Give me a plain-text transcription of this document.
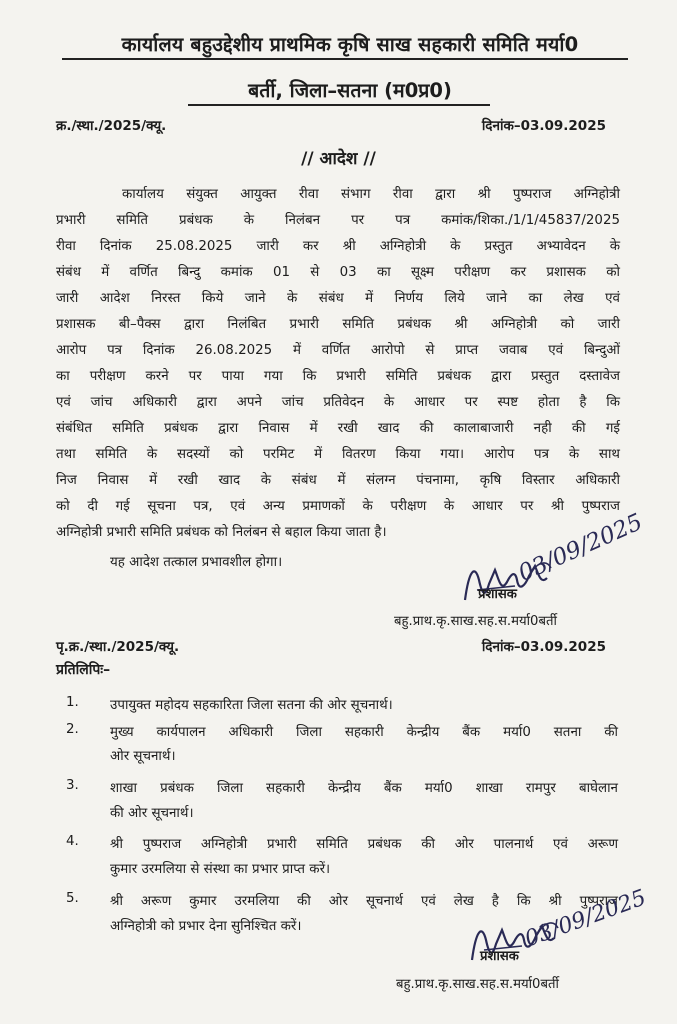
कार्यालय बहुउद्देशीय प्राथमिक कृषि साख सहकारी समिति मर्या0
बर्ती, जिला–सतना (म0प्र0)
क्र./स्था./2025/क्यू.	दिनांक–03.09.2025
// आदेश //
कार्यालय संयुक्त आयुक्त रीवा संभाग रीवा द्वारा श्री पुष्पराज अग्निहोत्री
प्रभारी समिति प्रबंधक के निलंबन पर पत्र कमांक/शिका./1/1/45837/2025
रीवा दिनांक 25.08.2025 जारी कर श्री अग्निहोत्री के प्रस्तुत अभ्यावेदन के
संबंध में वर्णित बिन्दु कमांक 01 से 03 का सूक्ष्म परीक्षण कर प्रशासक को
जारी आदेश निरस्त किये जाने के संबंध में निर्णय लिये जाने का लेख एवं
प्रशासक बी–पैक्स द्वारा निलंबित प्रभारी समिति प्रबंधक श्री अग्निहोत्री को जारी
आरोप पत्र दिनांक 26.08.2025 में वर्णित आरोपो से प्राप्त जवाब एवं बिन्दुओं
का परीक्षण करने पर पाया गया कि प्रभारी समिति प्रबंधक द्वारा प्रस्तुत दस्तावेज
एवं जांच अधिकारी द्वारा अपने जांच प्रतिवेदन के आधार पर स्पष्ट होता है कि
संबंधित समिति प्रबंधक द्वारा निवास में रखी खाद की कालाबाजारी नही की गई
तथा समिति के सदस्यों को परमिट में वितरण किया गया। आरोप पत्र के साथ
निज निवास में रखी खाद के संबंध में संलग्न पंचनामा, कृषि विस्तार अधिकारी
को दी गई सूचना पत्र, एवं अन्य प्रमाणकों के परीक्षण के आधार पर श्री पुष्पराज
अग्निहोत्री प्रभारी समिति प्रबंधक को निलंबन से बहाल किया जाता है।
यह आदेश तत्काल प्रभावशील होगा।
प्रशासक
03/09/2025
बहु.प्राथ.कृ.साख.सह.स.मर्या0बर्ती
पृ.क्र./स्था./2025/क्यू.	दिनांक–03.09.2025
प्रतिलिपिः–
1. उपायुक्त महोदय सहकारिता जिला सतना की ओर सूचनार्थ।
2. मुख्य कार्यपालन अधिकारी जिला सहकारी केन्द्रीय बैंक मर्या0 सतना की
ओर सूचनार्थ।
3. शाखा प्रबंधक जिला सहकारी केन्द्रीय बैंक मर्या0 शाखा रामपुर बाघेलान
की ओर सूचनार्थ।
4. श्री पुष्पराज अग्निहोत्री प्रभारी समिति प्रबंधक की ओर पालनार्थ एवं अरूण
कुमार उरमलिया से संस्था का प्रभार प्राप्त करें।
5. श्री अरूण कुमार उरमलिया की ओर सूचनार्थ एवं लेख है कि श्री पुष्पराज
अग्निहोत्री को प्रभार देना सुनिश्चित करें।
प्रशासक
03/09/2025
बहु.प्राथ.कृ.साख.सह.स.मर्या0बर्ती
